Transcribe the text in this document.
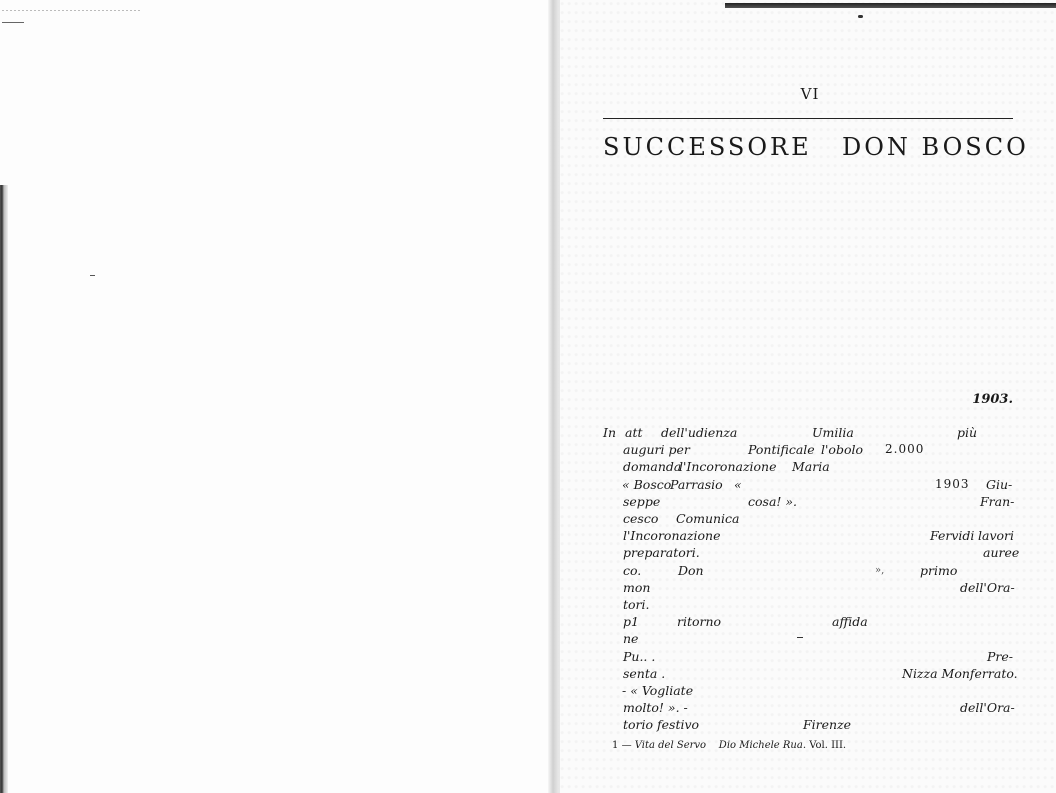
VI
SUCCESSORE DON BOSCO
1903.
In att dell'udienza	Umilia	più
auguri per	Pontificale l'obolo 2.000
domanda
l'Incoronazione Maria
« Bosco
Parrasio «	1903 Giu-
seppe	cosa! ».	Fran-
cesco Comunica
l'Incoronazione	Fervidi lavori
preparatori.	auree
co.	Don	primo
mon	dell'Ora-
tori.
p1	ritorno	affida
ne
Pu.. .	Pre-
senta .	Nizza Monferrato.
- « Vogliate
molto! ». -	dell'Ora-
torio festivo	Firenze
»,
1 — Vita del Servo Dio Michele Rua. Vol. III.
